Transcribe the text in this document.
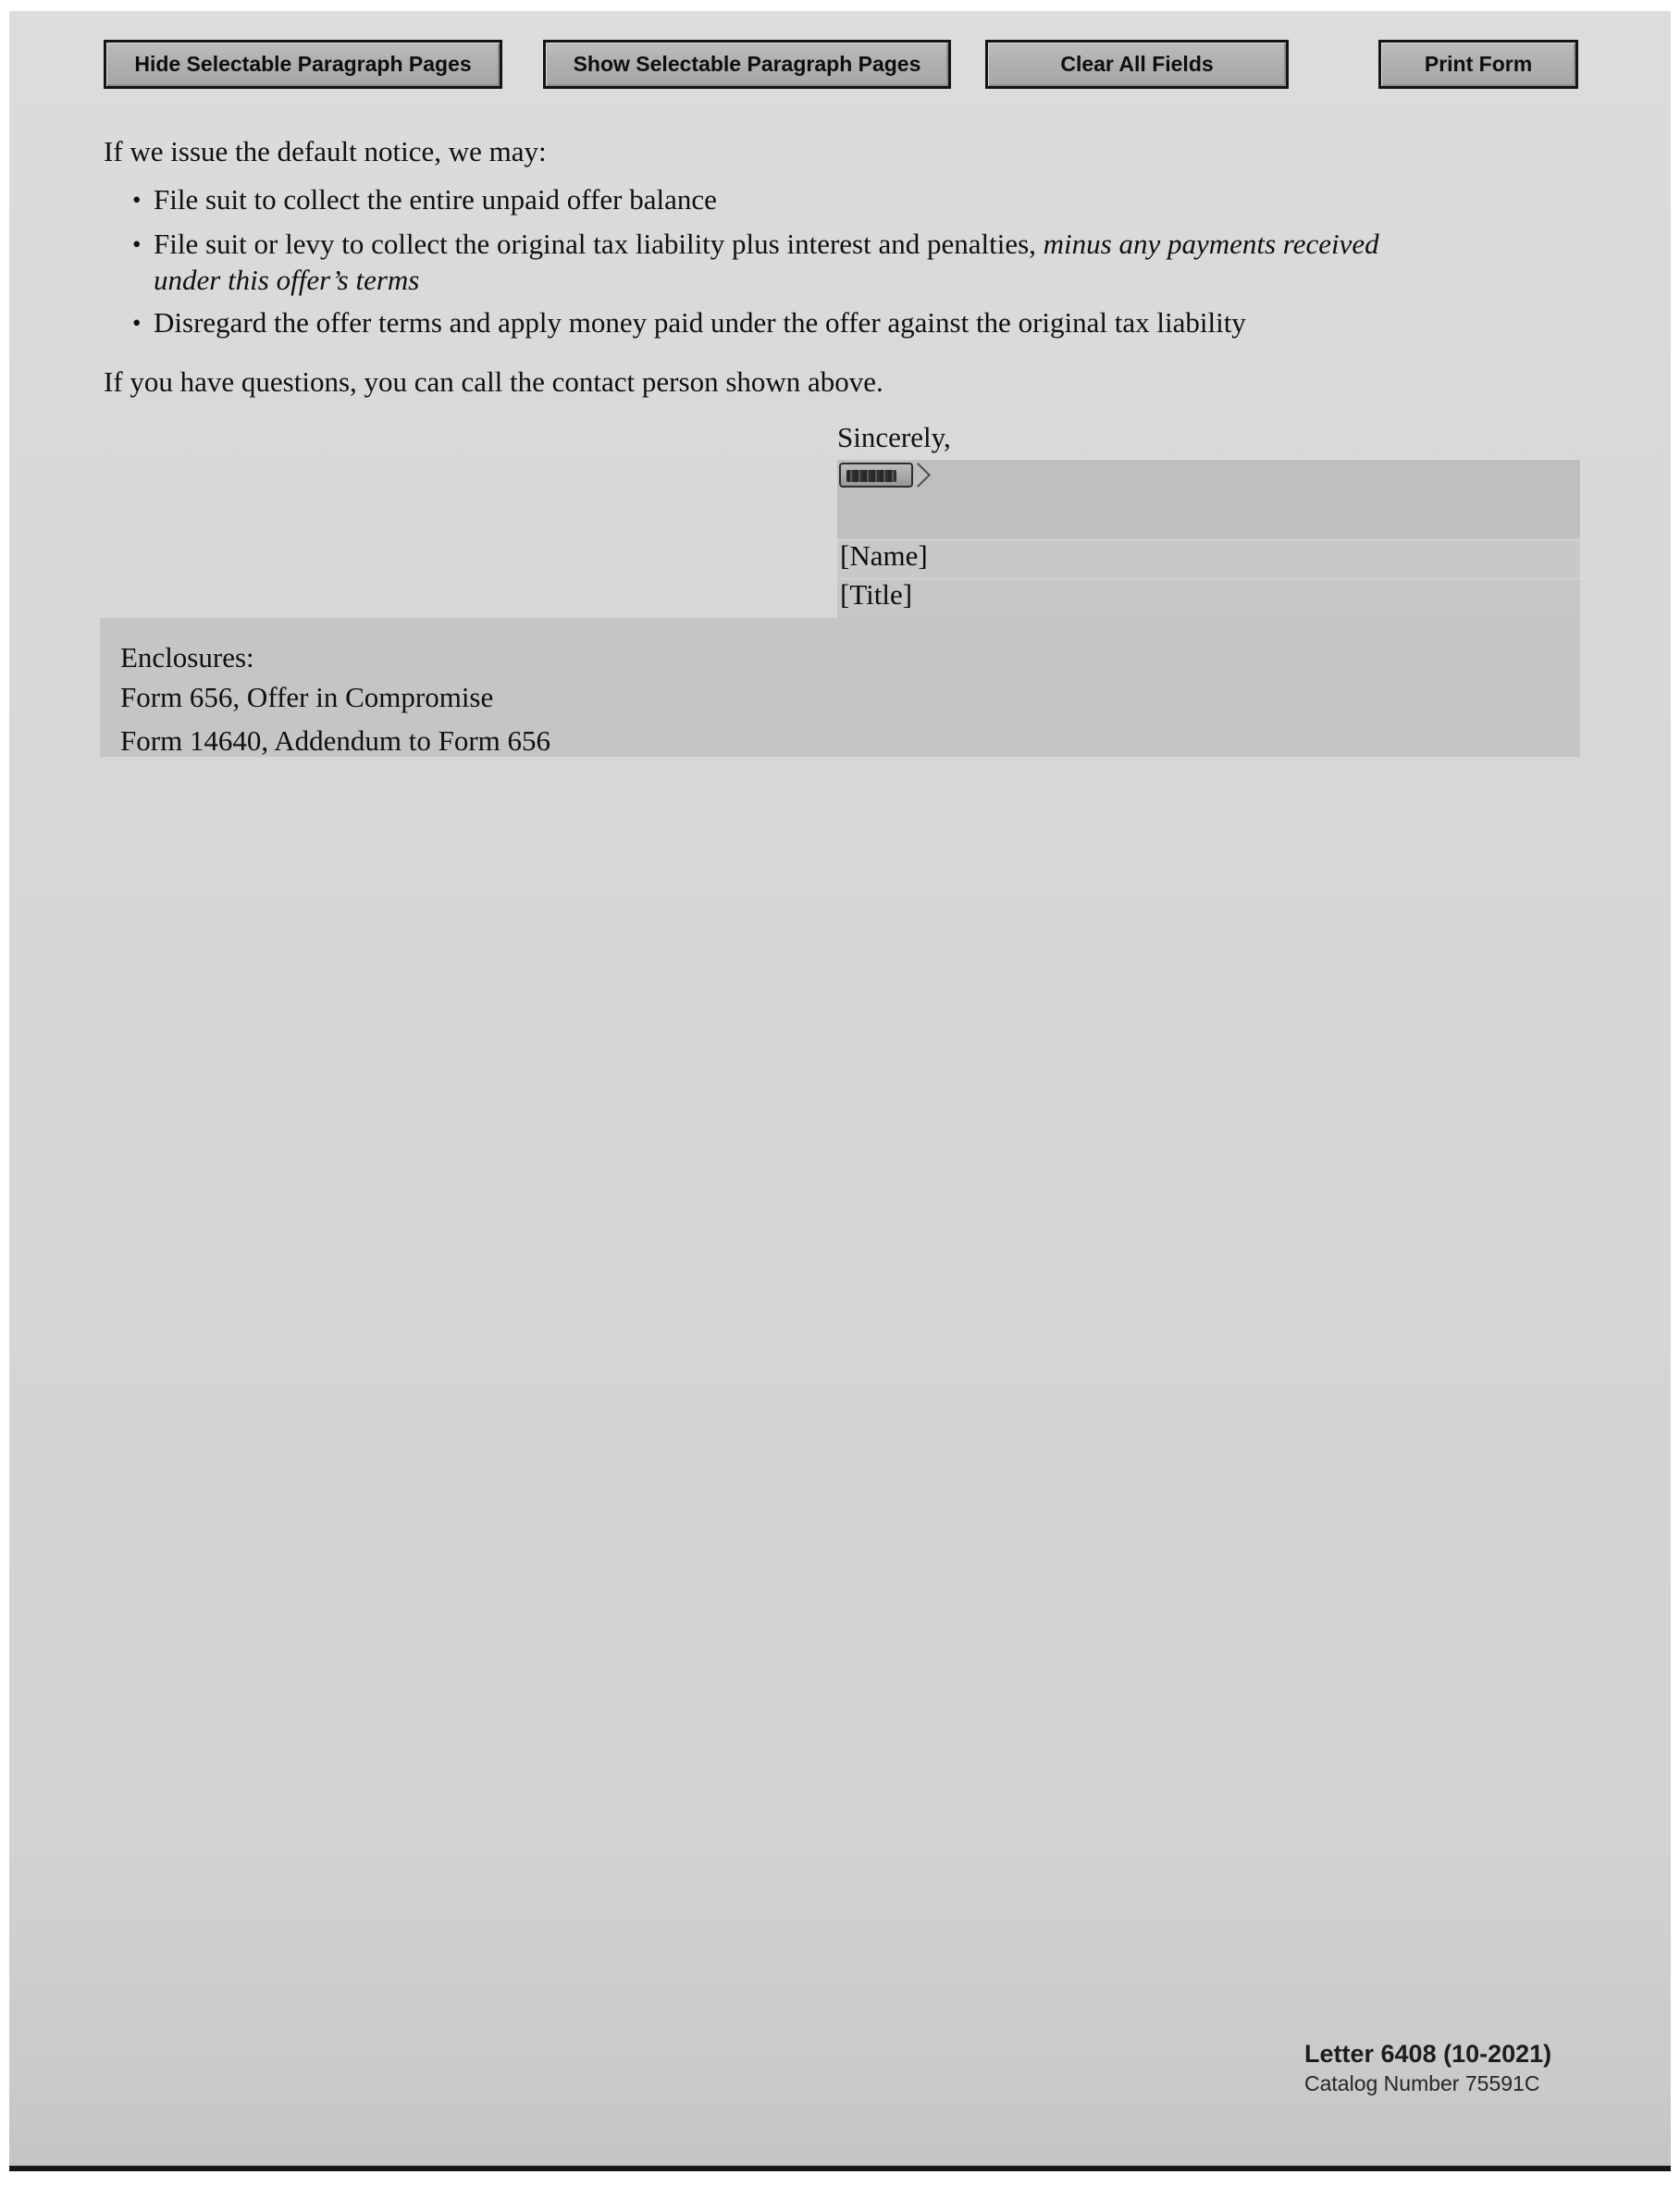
Hide Selectable Paragraph Pages	Show Selectable Paragraph Pages	Clear All Fields	Print Form
If we issue the default notice, we may:
• File suit to collect the entire unpaid offer balance
• File suit or levy to collect the original tax liability plus interest and penalties, minus any payments received
under this offer’s terms
• Disregard the offer terms and apply money paid under the offer against the original tax liability
If you have questions, you can call the contact person shown above.
Sincerely,
[Name]
[Title]
Enclosures:
Form 656, Offer in Compromise
Form 14640, Addendum to Form 656
Letter 6408 (10-2021)
Catalog Number 75591C
